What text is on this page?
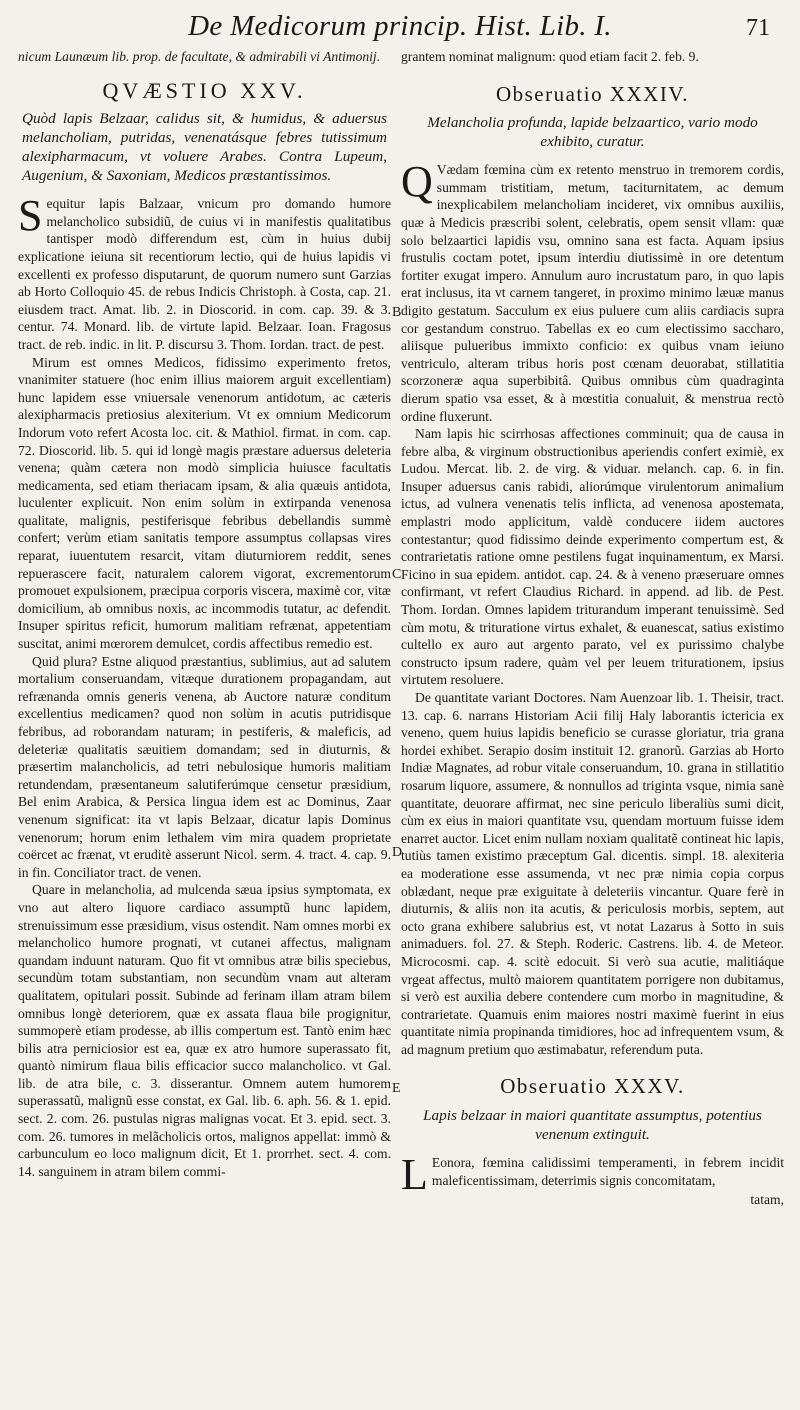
De Medicorum princip. Hist. Lib. I.	71
B
C
D
E

nicum Launæum lib. prop. de facultate, & admirabili vi Antimonij.

QVÆSTIO XXV.
Quòd lapis Belzaar, calidus sit, & humidus, & aduersus melancholiam, putridas, venenatásque febres tutissimum alexipharmacum, vt voluere Arabes. Contra Lupeum, Augenium, & Saxoniam, Medicos præstantissimos.

Sequitur lapis Balzaar, vnicum pro domando humore melancholico subsidiũ, de cuius vi in manifestis qualitatibus tantisper modò differendum est, cùm in huius dubij explicatione ieiuna sit recentiorum lectio, qui de huius lapidis vi excellenti ex professo disputarunt, de quorum numero sunt Garzias ab Horto Colloquio 45. de rebus Indicis Christoph. à Costa, cap. 21. eiusdem tract. Amat. lib. 2. in Dioscorid. in com. cap. 39. & 3. centur. 74. Monard. lib. de virtute lapid. Belzaar. Ioan. Fragosus tract. de reb. indic. in lit. P. discursu 3. Thom. Iordan. tract. de pest.

Mirum est omnes Medicos, fidissimo experimento fretos, vnanimiter statuere (hoc enim illius maiorem arguit excellentiam) hunc lapidem esse vniuersale venenorum antidotum, ac cæteris alexipharmacis pretiosius alexiterium. Vt ex omnium Medicorum Indorum voto refert Acosta loc. cit. & Mathiol. firmat. in com. cap. 72. Dioscorid. lib. 5. qui id longè magis præstare aduersus deleteria venena; quàm cætera non modò simplicia huiusce facultatis medicamenta, sed etiam theriacam ipsam, & alia quæuis antidota, luculenter explicuit. Non enim solùm in extirpanda venenosa qualitate, malignis, pestiferisque febribus debellandis summè confert; verùm etiam sanitatis tempore assumptus collapsas vires reparat, iuuentutem resarcit, vitam diuturniorem reddit, senes repuerascere facit, naturalem calorem vigorat, excrementorum promouet expulsionem, præcipua corporis viscera, maximè cor, vitæ domicilium, ab omnibus noxis, ac incommodis tutatur, ac defendit. Insuper spiritus reficit, humorum malitiam refrænat, appetentiam suscitat, animi mœrorem demulcet, cordis affectibus remedio est.

Quid plura? Estne aliquod præstantius, sublimius, aut ad salutem mortalium conseruandam, vitæque durationem propagandam, aut refrænanda omnis generis venena, ab Auctore naturæ conditum excellentius medicamen? quod non solùm in acutis putridisque febribus, ad roborandam naturam; in pestiferis, & maleficis, ad deleteriæ qualitatis sæuitiem domandam; sed in diuturnis, & præsertim malancholicis, ad tetri nebulosique humoris malitiam retundendam, præsentaneum salutiferúmque censetur præsidium, Bel enim Arabica, & Persica lingua idem est ac Dominus, Zaar venenum significat: ita vt lapis Belzaar, dicatur lapis Dominus venenorum; horum enim lethalem vim mira quadem proprietate coërcet ac frænat, vt eruditè asserunt Nicol. serm. 4. tract. 4. cap. 9. in fin. Conciliator tract. de venen.

Quare in melancholia, ad mulcenda sæua ipsius symptomata, ex vno aut altero liquore cardiaco assumptũ hunc lapidem, strenuissimum esse præsidium, visus ostendit. Nam omnes morbi ex melancholico humore prognati, vt cutanei affectus, malignam quandam induunt naturam. Quo fit vt omnibus atræ bilis speciebus, secundùm totam substantiam, non secundùm vnam aut alteram qualitatem, opitulari possit. Subinde ad ferinam illam atram bilem omnibus longè deteriorem, quæ ex assata flaua bile progignitur, summoperè etiam prodesse, ab illis compertum est. Tantò enim hæc bilis atra perniciosior est ea, quæ ex atro humore superassato fit, quantò nimirum flaua bilis efficacior succo malancholico. vt Gal. lib. de atra bile, c. 3. disserantur. Omnem autem humorem superassatũ, malignũ esse constat, ex Gal. lib. 6. aph. 56. & 1. epid. sect. 2. com. 26. pustulas nigras malignas vocat. Et 3. epid. sect. 3. com. 26. tumores in melãcholicis ortos, malignos appellat: immò & carbunculum eo loco malignum dicit, Et 1. prorrhet. sect. 4. com. 14. sanguinem in atram bilem commi-

grantem nominat malignum: quod etiam facit 2. feb. 9.

Obseruatio XXXIV.
Melancholia profunda, lapide belzaartico, vario modo exhibito, curatur.

Q Vædam fœmina cùm ex retento menstruo in tremorem cordis, summam tristitiam, metum, taciturnitatem, ac demum inexplicabilem melancholiam incideret, vix omnibus auxiliis, quæ à Medicis præscribi solent, celebratis, opem sensit vllam: quæ solo belzaartici lapidis vsu, omnino sana est facta. Aquam ipsius frustulis coctam potet, ipsum interdiu diutissimè in ore detentum fortiter exugat impero. Annulum auro incrustatum paro, in quo lapis erat inclusus, ita vt carnem tangeret, in proximo minimo læuæ manus digito gestatum. Sacculum ex eius puluere cum aliis cardiacis supra cor gestandum construo. Tabellas ex eo cum electissimo saccharo, aliisque pulueribus immixto conficio: ex quibus vnam ieiuno ventriculo, alteram tribus horis post cœnam deuorabat, stillatitia scorzoneræ aqua superbibitâ. Quibus omnibus cùm quadraginta dierum spatio vsa esset, & à mœstitia conualuit, & menstrua rectò ordine fluxerunt.

Nam lapis hic scirrhosas affectiones comminuit; qua de causa in febre alba, & virginum obstructionibus aperiendis confert eximiè, ex Ludou. Mercat. lib. 2. de virg. & viduar. melanch. cap. 6. in fin. Insuper aduersus canis rabidi, aliorúmque virulentorum animalium ictus, ad vulnera venenatis telis inflicta, ad venenosa apostemata, emplastri modo applicitum, valdè conducere iidem auctores contestantur; quod fidissimo deinde experimento compertum est, & contrarietatis ratione omne pestilens fugat inquinamentum, ex Marsi. Ficino in sua epidem. antidot. cap. 24. & à veneno præseruare omnes confirmant, vt refert Claudius Richard. in append. ad lib. de Pest. Thom. Iordan. Omnes lapidem triturandum imperant tenuissimè. Sed cùm motu, & trituratione virtus exhalet, & euanescat, satius existimo cultello ex auro aut argento parato, vel ex purissimo chalybe constructo ipsum radere, quàm vel per leuem triturationem, ipsius virtutem resoluere.

De quantitate variant Doctores. Nam Auenzoar lib. 1. Theisir, tract. 13. cap. 6. narrans Historiam Acii filij Haly laborantis ictericia ex veneno, quem huius lapidis beneficio se curasse gloriatur, tria grana hordei exhibet. Serapio dosim instituit 12. granorũ. Garzias ab Horto Indiæ Magnates, ad robur vitale conseruandum, 10. grana in stillatitio rosarum liquore, assumere, & nonnullos ad triginta vsque, nimia sanè quantitate, deuorare affirmat, nec sine periculo liberaliùs sumi dicit, cùm ex eius in maiori quantitate vsu, quendam mortuum fuisse idem enarret auctor. Licet enim nullam noxiam qualitatẽ contineat hic lapis, tutiùs tamen existimo præceptum Gal. dicentis. simpl. 18. alexiteria ea moderatione esse assumenda, vt nec præ nimia copia corpus oblædant, neque præ exiguitate à deleteriis vincantur. Quare ferè in diuturnis, & aliis non ita acutis, & periculosis morbis, septem, aut octo grana exhibere salubrius est, vt notat Lazarus à Sotto in suis animaduers. fol. 27. & Steph. Roderic. Castrens. lib. 4. de Meteor. Microcosmi. cap. 4. scitè edocuit. Si verò sua acutie, malitiáque vrgeat affectus, multò maiorem quantitatem porrigere non dubitamus, si verò est auxilia debere contendere cum morbo in magnitudine, & contrarietate. Quamuis enim maiores nostri maximè fuerint in eius quantitate nimia propinanda timidiores, hoc ad infrequentem vsum, & ad magnum pretium quo æstimabatur, referendum puta.

Obseruatio XXXV.
Lapis belzaar in maiori quantitate assumptus, potentius venenum extinguit.

L Eonora, fœmina calidissimi temperamenti, in febrem incidit maleficentissimam, deterrimis signis concomitatam,

tatam,
